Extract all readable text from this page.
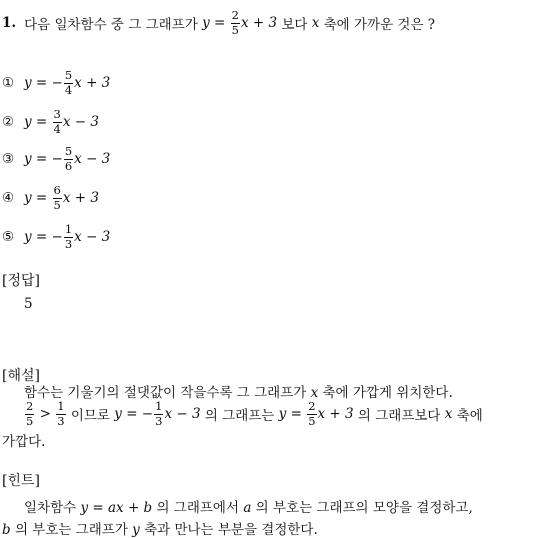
1. 다음 일차함수 중 그 그래프가
$y = \frac{2}{5}$ x + 3 보다 x 축에 가까운 것은 ?
① y = − $\frac{5}{4}$ x + 3
② $y = \frac{3}{4}$ x − 3
③ y = − $\frac{5}{6}$ x − 3
④ $y = \frac{6}{5}$ x + 3
⑤ y = − $\frac{1}{3}$ x − 3
[정답]
5
[해설]
함수는 기울기의 절댓값이 작을수록 그 그래프가 x 축에 가깝게 위치한다.
$\frac{2}{5} > \frac{1}{3}$ 이므로 y = − $\frac{1}{3}$ x − 3 의 그래프는 $y = \frac{2}{5}$ x + 3 의 그래프보다 x 축에
가깝다.
[힌트]
일차함수 y = ax + b 의 그래프에서 a 의 부호는 그래프의 모양을 결정하고,
b 의 부호는 그래프가 y 축과 만나는 부분을 결정한다.
